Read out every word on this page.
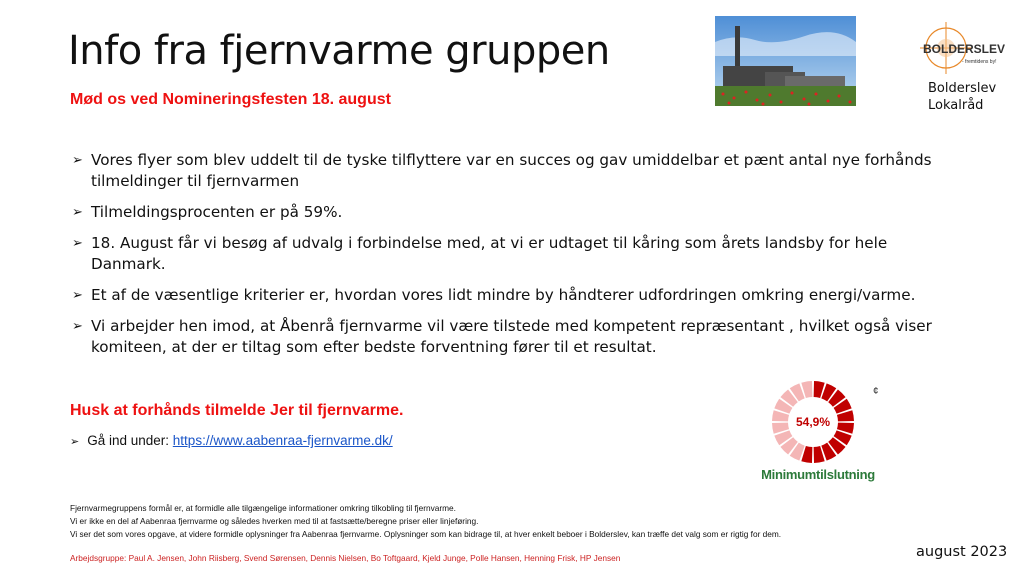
Info fra fjernvarme gruppen

Mød os ved Nomineringsfesten 18. august

BOLDERSLEV
- fremtidens by!
Bolderslev
Lokalråd
➢ Vores flyer som blev uddelt til de tyske tilflyttere var en succes og gav umiddelbar et pænt antal nye forhånds tilmeldinger til fjernvarmen
➢ Tilmeldingsprocenten er på 59%.
➢ 18. August får vi besøg af udvalg i forbindelse med, at vi er udtaget til kåring som årets landsby for hele Danmark.
➢ Et af de væsentlige kriterier er, hvordan vores lidt mindre by håndterer udfordringen omkring energi/varme.
➢ Vi arbejder hen imod, at Åbenrå fjernvarme vil være tilstede med kompetent repræsentant , hvilket også viser komiteen, at der er tiltag som efter bedste forventning fører til et resultat.

Husk at forhånds tilmelde Jer til fjernvarme.

➢ Gå ind under: https://www.aabenraa-fjernvarme.dk/
54,9%
Minimumtilslutning
¢
Fjernvarmegruppens formål er, at formidle alle tilgængelige informationer omkring tilkobling til fjernvarme.
Vi er ikke en del af Aabenraa fjernvarme og således hverken med til at fastsætte/beregne priser eller linjeføring.
Vi ser det som vores opgave, at videre formidle oplysninger fra Aabenraa fjernvarme. Oplysninger som kan bidrage til, at hver enkelt beboer i Bolderslev, kan træffe det valg som er rigtig for dem.
Arbejdsgruppe: Paul A. Jensen, John Riisberg, Svend Sørensen, Dennis Nielsen, Bo Toftgaard, Kjeld Junge, Polle Hansen, Henning Frisk, HP Jensen	august 2023
